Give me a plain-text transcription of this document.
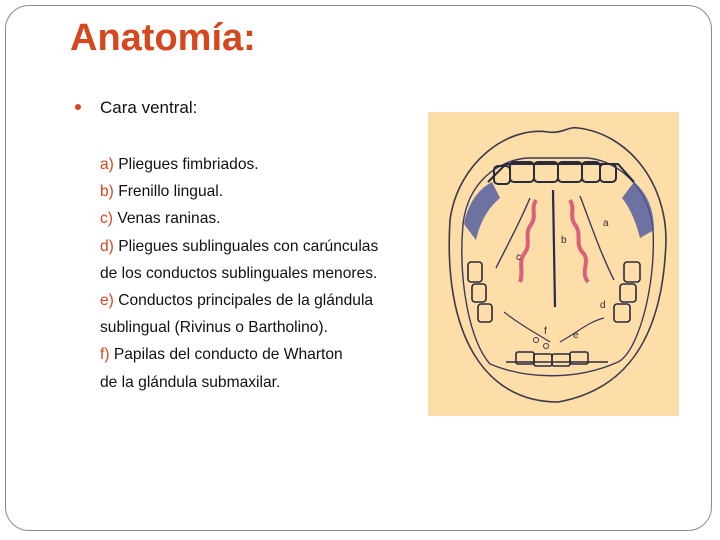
Anatomía:
Cara ventral:
a) Pliegues fimbriados.
b) Frenillo lingual.
c) Venas raninas.
d) Pliegues sublinguales con carúnculas
de los conductos sublinguales menores.
e) Conductos principales de la glándula
sublingual (Rivinus o Bartholino).
f) Papilas del conducto de Wharton
de la glándula submaxilar.
a
b
c
d
e
f
